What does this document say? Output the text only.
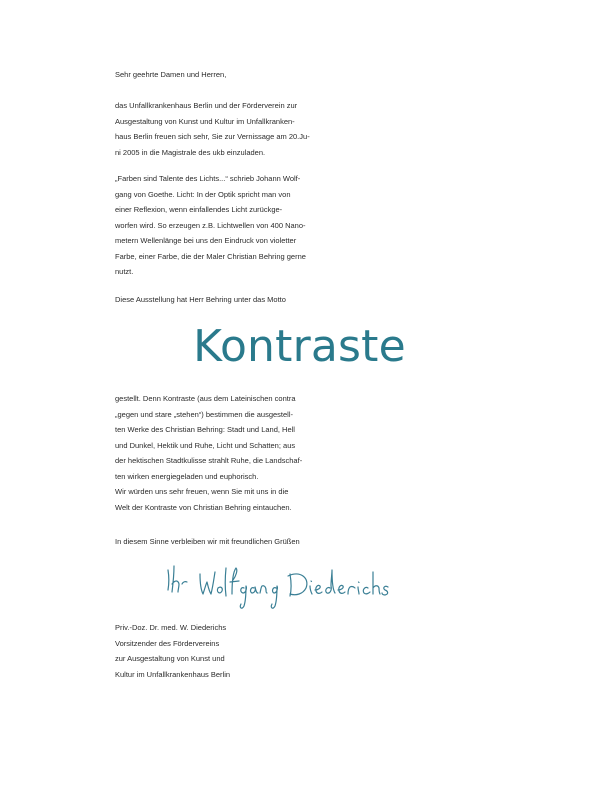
Sehr geehrte Damen und Herren,
das Unfallkrankenhaus Berlin und der Förderverein zur
Ausgestaltung von Kunst und Kultur im Unfallkranken-
haus Berlin freuen sich sehr, Sie zur Vernissage am 20.Ju-
ni 2005 in die Magistrale des ukb einzuladen.
„Farben sind Talente des Lichts...“ schrieb Johann Wolf-
gang von Goethe. Licht: In der Optik spricht man von
einer Reflexion, wenn einfallendes Licht zurückge-
worfen wird. So erzeugen z.B. Lichtwellen von 400 Nano-
metern Wellenlänge bei uns den Eindruck von violetter
Farbe, einer Farbe, die der Maler Christian Behring gerne
nutzt.
Diese Ausstellung hat Herr Behring unter das Motto
Kontraste
gestellt. Denn Kontraste (aus dem Lateinischen contra
„gegen und stare „stehen“) bestimmen die ausgestell-
ten Werke des Christian Behring: Stadt und Land, Hell
und Dunkel, Hektik und Ruhe, Licht und Schatten; aus
der hektischen Stadtkulisse strahlt Ruhe, die Landschaf-
ten wirken energiegeladen und euphorisch.
Wir würden uns sehr freuen, wenn Sie mit uns in die
Welt der Kontraste von Christian Behring eintauchen.
In diesem Sinne verbleiben wir mit freundlichen Grüßen
Priv.-Doz. Dr. med. W. Diederichs
Vorsitzender des Fördervereins
zur Ausgestaltung von Kunst und
Kultur im Unfallkrankenhaus Berlin
